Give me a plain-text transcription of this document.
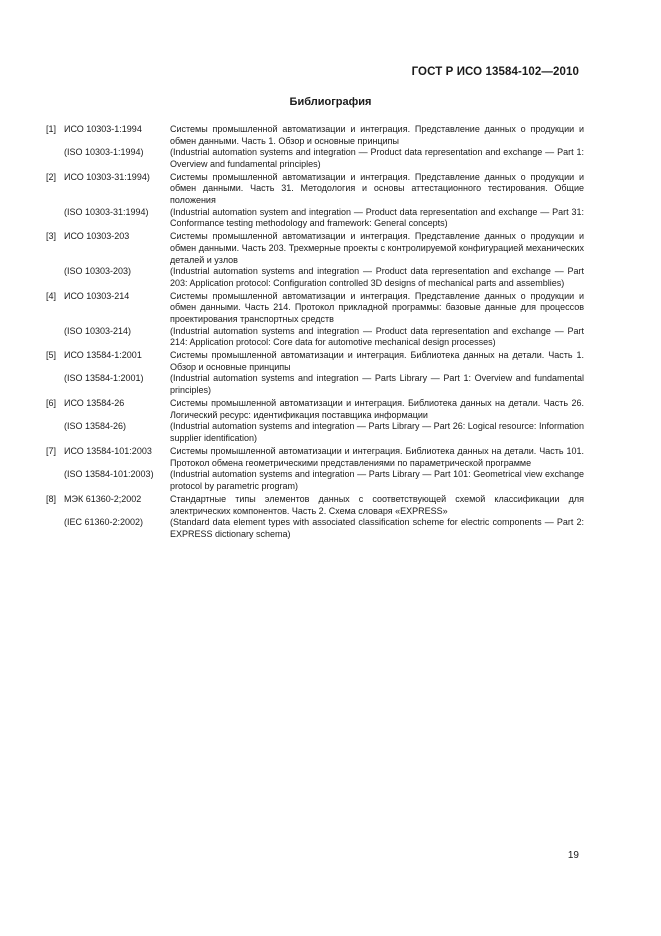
ГОСТ Р ИСО 13584-102—2010
Библиография
[1] ИСО 10303-1:1994	Системы промышленной автоматизации и интеграция. Представление данных о продукции и обмен данными. Часть 1. Обзор и основные принципы
(ISO 10303-1:1994)	(Industrial automation systems and integration — Product data representation and exchange — Part 1: Overview and fundamental principles)
[2] ИСО 10303-31:1994)	Системы промышленной автоматизации и интеграция. Представление данных о продукции и обмен данными. Часть 31. Методология и основы аттестационного тестирования. Общие положения
(ISO 10303-31:1994)	(Industrial automation system and integration — Product data representation and exchange — Part 31: Conformance testing methodology and framework: General concepts)
[3] ИСО 10303-203	Системы промышленной автоматизации и интеграция. Представление данных о продукции и обмен данными. Часть 203. Трехмерные проекты с контролируемой конфигурацией механических деталей и узлов
(ISO 10303-203)	(Industrial automation systems and integration — Product data representation and exchange — Part 203: Application protocol: Configuration controlled 3D designs of mechanical parts and assemblies)
[4] ИСО 10303-214	Системы промышленной автоматизации и интеграция. Представление данных о продукции и обмен данными. Часть 214. Протокол прикладной программы: базовые данные для процессов проектирования транспортных средств
(ISO 10303-214)	(Industrial automation systems and integration — Product data representation and exchange — Part 214: Application protocol: Core data for automotive mechanical design processes)
[5] ИСО 13584-1:2001	Системы промышленной автоматизации и интеграция. Библиотека данных на детали. Часть 1. Обзор и основные принципы
(ISO 13584-1:2001)	(Industrial automation systems and integration — Parts Library — Part 1: Overview and fundamental principles)
[6] ИСО 13584-26	Системы промышленной автоматизации и интеграция. Библиотека данных на детали. Часть 26. Логический ресурс: идентификация поставщика информации
(ISO 13584-26)	(Industrial automation systems and integration — Parts Library — Part 26: Logical resource: Information supplier identification)
[7] ИСО 13584-101:2003	Системы промышленной автоматизации и интеграция. Библиотека данных на детали. Часть 101. Протокол обмена геометрическими представлениями по параметрической программе
(ISO 13584-101:2003)	(Industrial automation systems and integration — Parts Library — Part 101: Geometrical view exchange protocol by parametric program)
[8] МЭК 61360-2;2002	Стандартные типы элементов данных с соответствующей схемой классификации для электрических компонентов. Часть 2. Схема словаря «EXPRESS»
(IEC 61360-2:2002)	(Standard data element types with associated classification scheme for electric components — Part 2: EXPRESS dictionary schema)
19
